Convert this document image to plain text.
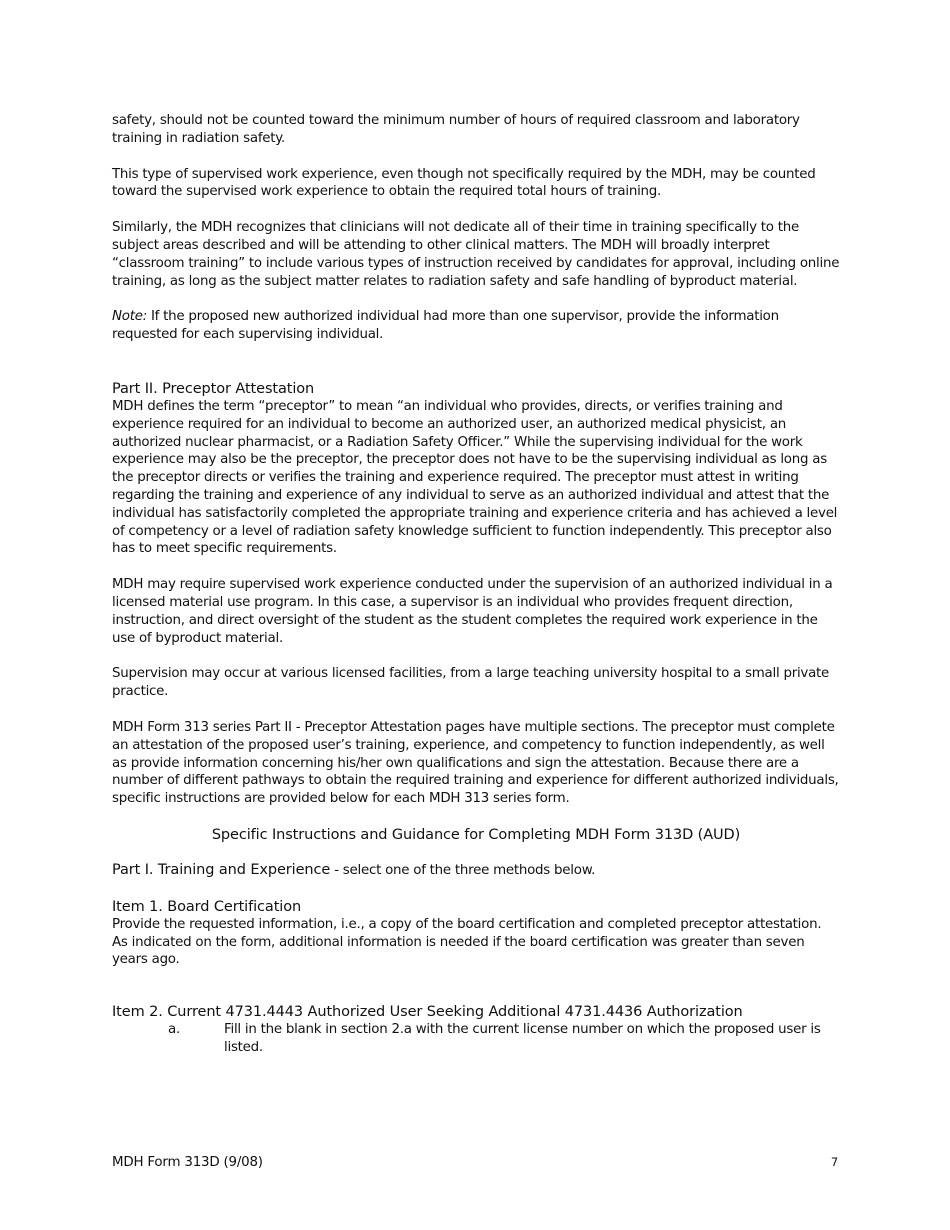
safety, should not be counted toward the minimum number of hours of required classroom and laboratory training in radiation safety.

This type of supervised work experience, even though not specifically required by the MDH, may be counted toward the supervised work experience to obtain the required total hours of training.

Similarly, the MDH recognizes that clinicians will not dedicate all of their time in training specifically to the subject areas described and will be attending to other clinical matters. The MDH will broadly interpret “classroom training” to include various types of instruction received by candidates for approval, including online training, as long as the subject matter relates to radiation safety and safe handling of byproduct material.

Note: If the proposed new authorized individual had more than one supervisor, provide the information requested for each supervising individual.

Part II. Preceptor Attestation

MDH defines the term “preceptor” to mean “an individual who provides, directs, or verifies training and experience required for an individual to become an authorized user, an authorized medical physicist, an authorized nuclear pharmacist, or a Radiation Safety Officer.” While the supervising individual for the work experience may also be the preceptor, the preceptor does not have to be the supervising individual as long as the preceptor directs or verifies the training and experience required. The preceptor must attest in writing regarding the training and experience of any individual to serve as an authorized individual and attest that the individual has satisfactorily completed the appropriate training and experience criteria and has achieved a level of competency or a level of radiation safety knowledge sufficient to function independently. This preceptor also has to meet specific requirements.

MDH may require supervised work experience conducted under the supervision of an authorized individual in a licensed material use program. In this case, a supervisor is an individual who provides frequent direction, instruction, and direct oversight of the student as the student completes the required work experience in the use of byproduct material.

Supervision may occur at various licensed facilities, from a large teaching university hospital to a small private practice.

MDH Form 313 series Part II - Preceptor Attestation pages have multiple sections. The preceptor must complete an attestation of the proposed user’s training, experience, and competency to function independently, as well as provide information concerning his/her own qualifications and sign the attestation. Because there are a number of different pathways to obtain the required training and experience for different authorized individuals, specific instructions are provided below for each MDH 313 series form.

Specific Instructions and Guidance for Completing MDH Form 313D (AUD)

Part I. Training and Experience - select one of the three methods below.

Item 1. Board Certification

Provide the requested information, i.e., a copy of the board certification and completed preceptor attestation. As indicated on the form, additional information is needed if the board certification was greater than seven years ago.

Item 2. Current 4731.4443 Authorized User Seeking Additional 4731.4436 Authorization
a.	Fill in the blank in section 2.a with the current license number on which the proposed user is listed.
MDH Form 313D (9/08)	7
